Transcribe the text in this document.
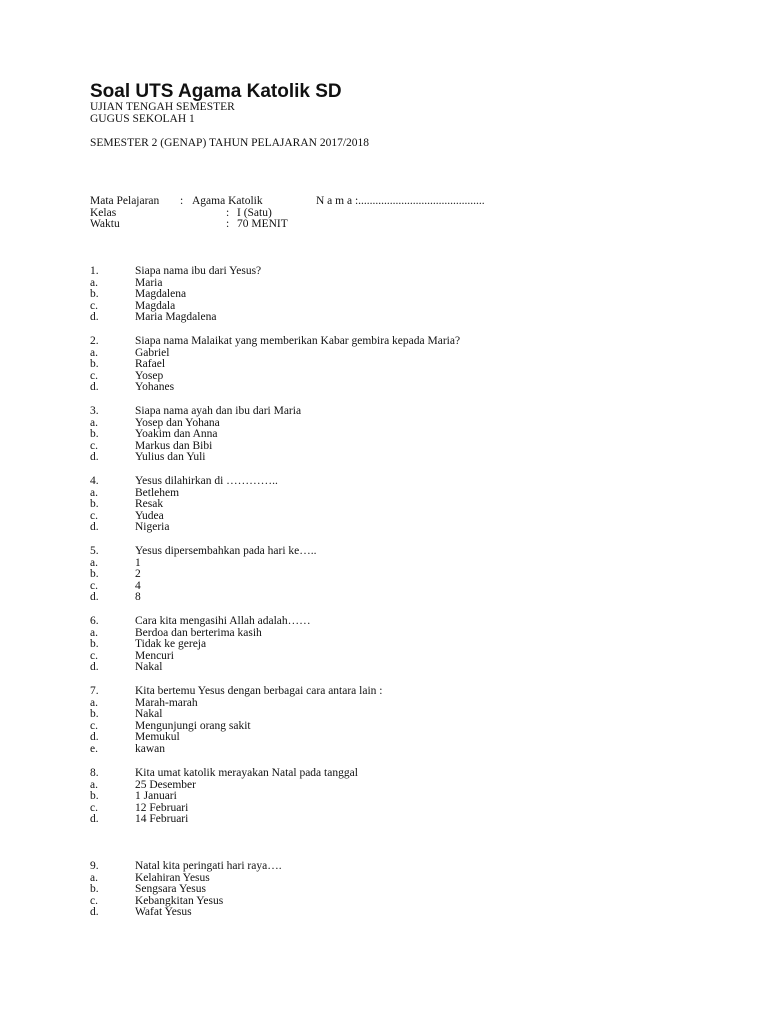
Soal UTS Agama Katolik SD
UJIAN TENGAH SEMESTER
GUGUS SEKOLAH 1
SEMESTER 2 (GENAP) TAHUN PELAJARAN 2017/2018
Mata Pelajaran : Agama Katolik	N a m a :............................................
Kelas	: I (Satu)
Waktu	: 70 MENIT
1.	Siapa nama ibu dari Yesus?
a.	Maria
b.	Magdalena
c.	Magdala
d.	Maria Magdalena
2.	Siapa nama Malaikat yang memberikan Kabar gembira kepada Maria?
a.	Gabriel
b.	Rafael
c.	Yosep
d.	Yohanes
3.	Siapa nama ayah dan ibu dari Maria
a.	Yosep dan Yohana
b.	Yoakim dan Anna
c.	Markus dan Bibi
d.	Yulius dan Yuli
4.	Yesus dilahirkan di …………..
a.	Betlehem
b.	Resak
c.	Yudea
d.	Nigeria
5.	Yesus dipersembahkan pada hari ke…..
a.	1
b.	2
c.	4
d.	8
6.	Cara kita mengasihi Allah adalah……
a.	Berdoa dan berterima kasih
b.	Tidak ke gereja
c.	Mencuri
d.	Nakal
7.	Kita bertemu Yesus dengan berbagai cara antara lain :
a.	Marah-marah
b.	Nakal
c.	Mengunjungi orang sakit
d.	Memukul
e.	kawan
8.	Kita umat katolik merayakan Natal pada tanggal
a.	25 Desember
b.	1 Januari
c.	12 Februari
d.	14 Februari
9.	Natal kita peringati hari raya….
a.	Kelahiran Yesus
b.	Sengsara Yesus
c.	Kebangkitan Yesus
d.	Wafat Yesus
